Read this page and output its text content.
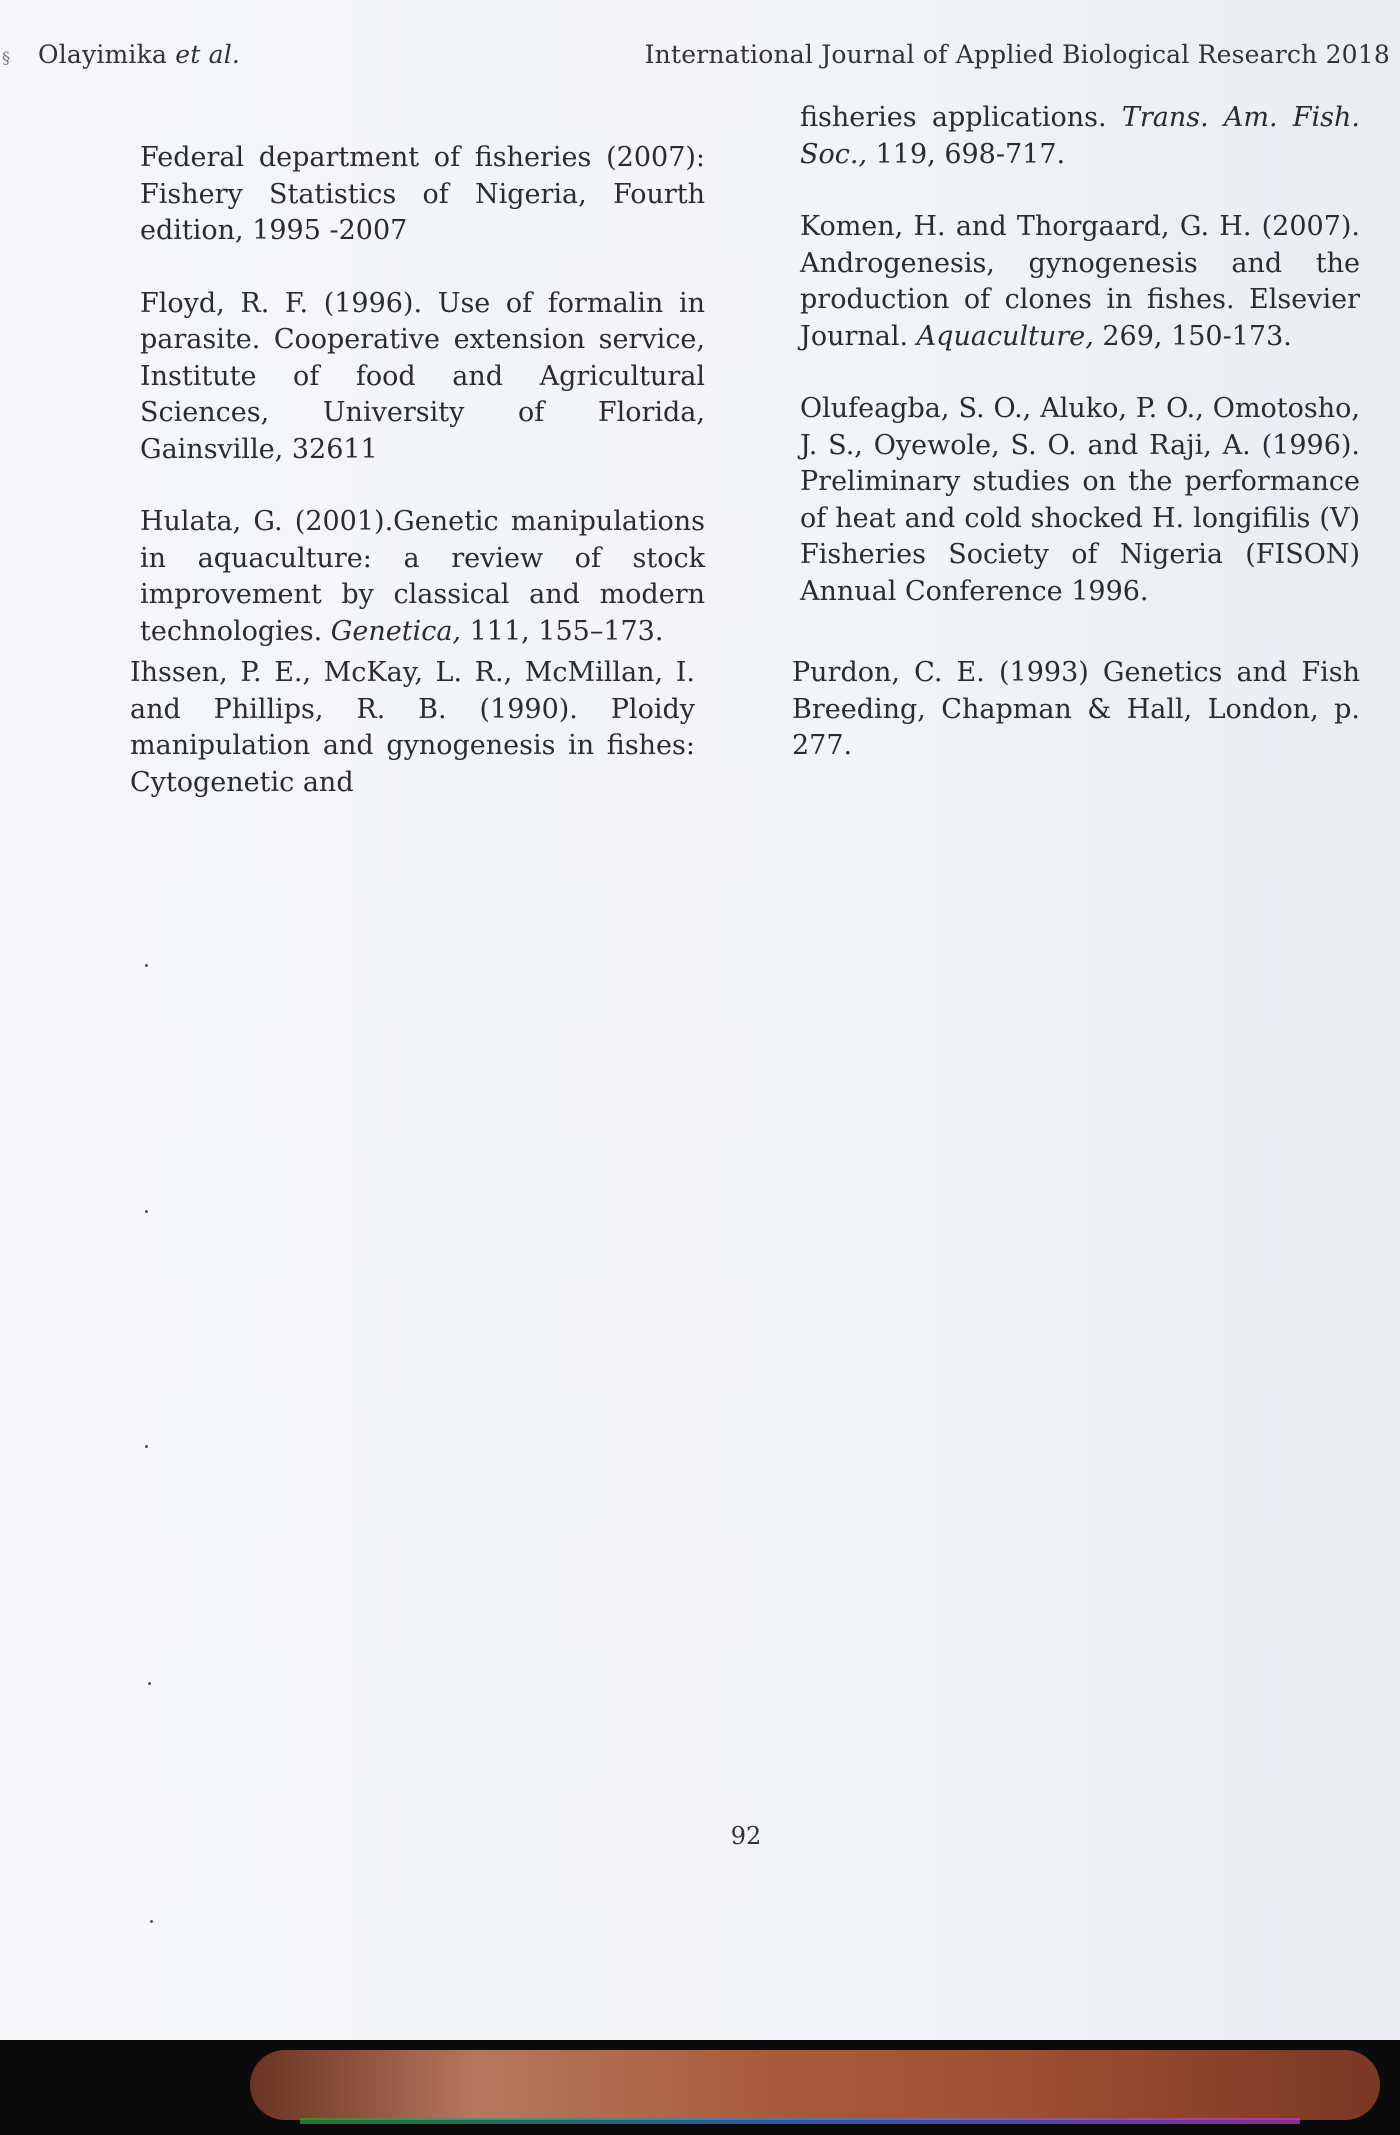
§ Olayimika et al.	International Journal of Applied Biological Research 2018

Federal department of fisheries (2007): Fishery Statistics of Nigeria, Fourth edition, 1995 -2007

Floyd, R. F. (1996). Use of formalin in parasite. Cooperative extension service, Institute of food and Agricultural Sciences, University of Florida, Gainsville, 32611

Hulata, G. (2001).Genetic manipulations in aquaculture: a review of stock improvement by classical and modern technologies. Genetica, 111, 155–173.

Ihssen, P. E., McKay, L. R., McMillan, I. and Phillips, R. B. (1990). Ploidy manipulation and gynogenesis in fishes: Cytogenetic and

fisheries applications. Trans. Am. Fish. Soc., 119, 698-717.

Komen, H. and Thorgaard, G. H. (2007). Androgenesis, gynogenesis and the production of clones in fishes. Elsevier Journal. Aquaculture, 269, 150-173.

Olufeagba, S. O., Aluko, P. O., Omotosho, J. S., Oyewole, S. O. and Raji, A. (1996). Preliminary studies on the performance of heat and cold shocked H. longifilis (V) Fisheries Society of Nigeria (FISON) Annual Conference 1996.

Purdon, C. E. (1993) Genetics and Fish Breeding, Chapman & Hall, London, p. 277.

92
